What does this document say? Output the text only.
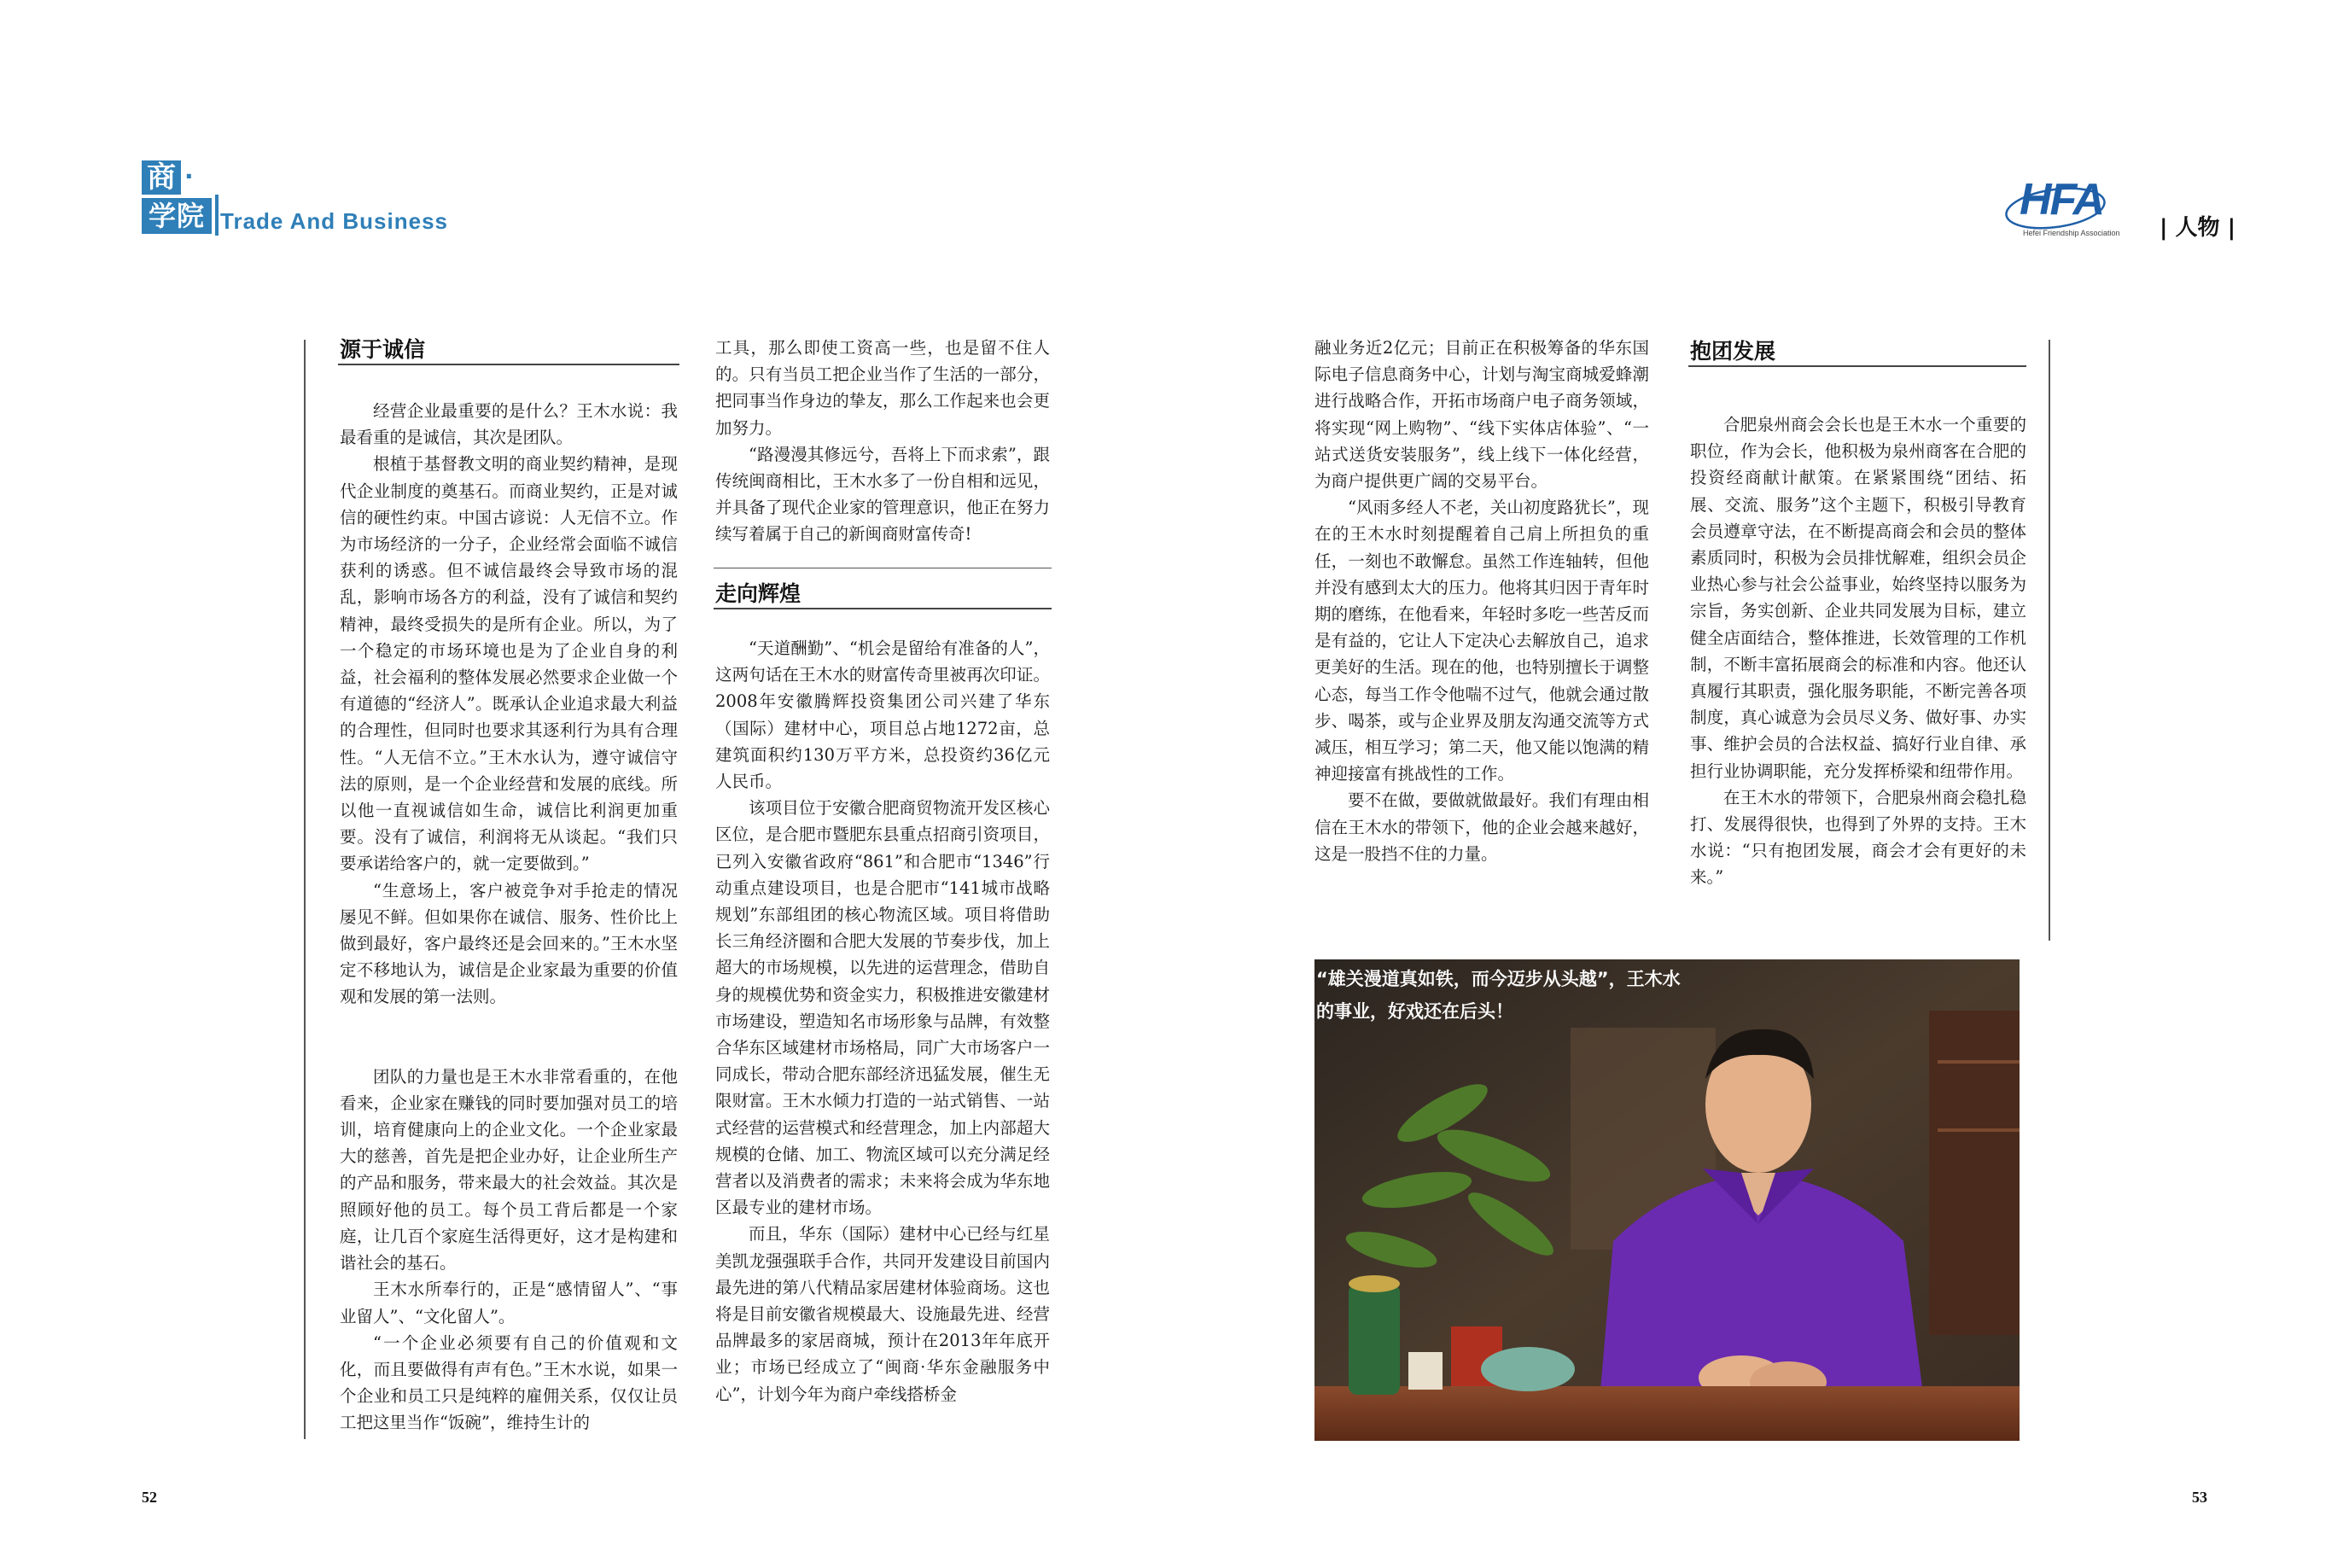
商 ·
学院 Trade And Business	HFA
Hefei Friendship Association | 人物 |
源于诚信

经营企业最重要的是什么？王木水说：我最看重的是诚信，其次是团队。

根植于基督教文明的商业契约精神，是现代企业制度的奠基石。而商业契约，正是对诚信的硬性约束。中国古谚说：人无信不立。作为市场经济的一分子，企业经常会面临不诚信获利的诱惑。但不诚信最终会导致市场的混乱，影响市场各方的利益，没有了诚信和契约精神，最终受损失的是所有企业。所以，为了一个稳定的市场环境也是为了企业自身的利益，社会福利的整体发展必然要求企业做一个有道德的“经济人”。既承认企业追求最大利益的合理性，但同时也要求其逐利行为具有合理性。“人无信不立。”王木水认为，遵守诚信守法的原则，是一个企业经营和发展的底线。所以他一直视诚信如生命，诚信比利润更加重要。没有了诚信，利润将无从谈起。“我们只要承诺给客户的，就一定要做到。”

“生意场上，客户被竞争对手抢走的情况屡见不鲜。但如果你在诚信、服务、性价比上做到最好，客户最终还是会回来的。”王木水坚定不移地认为，诚信是企业家最为重要的价值观和发展的第一法则。

团队的力量也是王木水非常看重的，在他看来，企业家在赚钱的同时要加强对员工的培训，培育健康向上的企业文化。一个企业家最大的慈善，首先是把企业办好，让企业所生产的产品和服务，带来最大的社会效益。其次是照顾好他的员工。每个员工背后都是一个家庭，让几百个家庭生活得更好，这才是构建和谐社会的基石。

王木水所奉行的，正是“感情留人”、“事业留人”、“文化留人”。

“一个企业必须要有自己的价值观和文化，而且要做得有声有色。”王木水说，如果一个企业和员工只是纯粹的雇佣关系，仅仅让员工把这里当作“饭碗”，维持生计的

工具，那么即使工资高一些，也是留不住人的。只有当员工把企业当作了生活的一部分，把同事当作身边的挚友，那么工作起来也会更加努力。

“路漫漫其修远兮，吾将上下而求索”，跟传统闽商相比，王木水多了一份自相和远见，并具备了现代企业家的管理意识，他正在努力续写着属于自己的新闽商财富传奇!

走向辉煌

“天道酬勤”、“机会是留给有准备的人”，这两句话在王木水的财富传奇里被再次印证。2008年安徽腾辉投资集团公司兴建了华东（国际）建材中心，项目总占地1272亩，总建筑面积约130万平方米，总投资约36亿元人民币。

该项目位于安徽合肥商贸物流开发区核心区位，是合肥市暨肥东县重点招商引资项目，已列入安徽省政府“861”和合肥市“1346”行动重点建设项目，也是合肥市“141城市战略规划”东部组团的核心物流区域。项目将借助长三角经济圈和合肥大发展的节奏步伐，加上超大的市场规模，以先进的运营理念，借助自身的规模优势和资金实力，积极推进安徽建材市场建设，塑造知名市场形象与品牌，有效整合华东区域建材市场格局，同广大市场客户一同成长，带动合肥东部经济迅猛发展，催生无限财富。王木水倾力打造的一站式销售、一站式经营的运营模式和经营理念，加上内部超大规模的仓储、加工、物流区域可以充分满足经营者以及消费者的需求；未来将会成为华东地区最专业的建材市场。

而且，华东（国际）建材中心已经与红星美凯龙强强联手合作，共同开发建设目前国内最先进的第八代精品家居建材体验商场。这也将是目前安徽省规模最大、设施最先进、经营品牌最多的家居商城，预计在2013年年底开业；市场已经成立了“闽商·华东金融服务中心”，计划今年为商户牵线搭桥金

融业务近2亿元；目前正在积极筹备的华东国际电子信息商务中心，计划与淘宝商城爱蜂潮进行战略合作，开拓市场商户电子商务领域，将实现“网上购物”、“线下实体店体验”、“一站式送货安装服务”，线上线下一体化经营，为商户提供更广阔的交易平台。

“风雨多经人不老，关山初度路犹长”，现在的王木水时刻提醒着自己肩上所担负的重任，一刻也不敢懈怠。虽然工作连轴转，但他并没有感到太大的压力。他将其归因于青年时期的磨练，在他看来，年轻时多吃一些苦反而是有益的，它让人下定决心去解放自己，追求更美好的生活。现在的他，也特别擅长于调整心态，每当工作令他喘不过气，他就会通过散步、喝茶，或与企业界及朋友沟通交流等方式减压，相互学习；第二天，他又能以饱满的精神迎接富有挑战性的工作。

要不在做，要做就做最好。我们有理由相信在王木水的带领下，他的企业会越来越好，这是一股挡不住的力量。

抱团发展

合肥泉州商会会长也是王木水一个重要的职位，作为会长，他积极为泉州商客在合肥的投资经商献计献策。在紧紧围绕“团结、拓展、交流、服务”这个主题下，积极引导教育会员遵章守法，在不断提高商会和会员的整体素质同时，积极为会员排忧解难，组织会员企业热心参与社会公益事业，始终坚持以服务为宗旨，务实创新、企业共同发展为目标，建立健全店面结合，整体推进，长效管理的工作机制，不断丰富拓展商会的标准和内容。他还认真履行其职责，强化服务职能，不断完善各项制度，真心诚意为会员尽义务、做好事、办实事、维护会员的合法权益、搞好行业自律、承担行业协调职能，充分发挥桥梁和纽带作用。

在王木水的带领下，合肥泉州商会稳扎稳打、发展得很快，也得到了外界的支持。王木水说：“只有抱团发展，商会才会有更好的未来。”

“雄关漫道真如铁，而今迈步从头越”，王木水
的事业，好戏还在后头！
52	53
